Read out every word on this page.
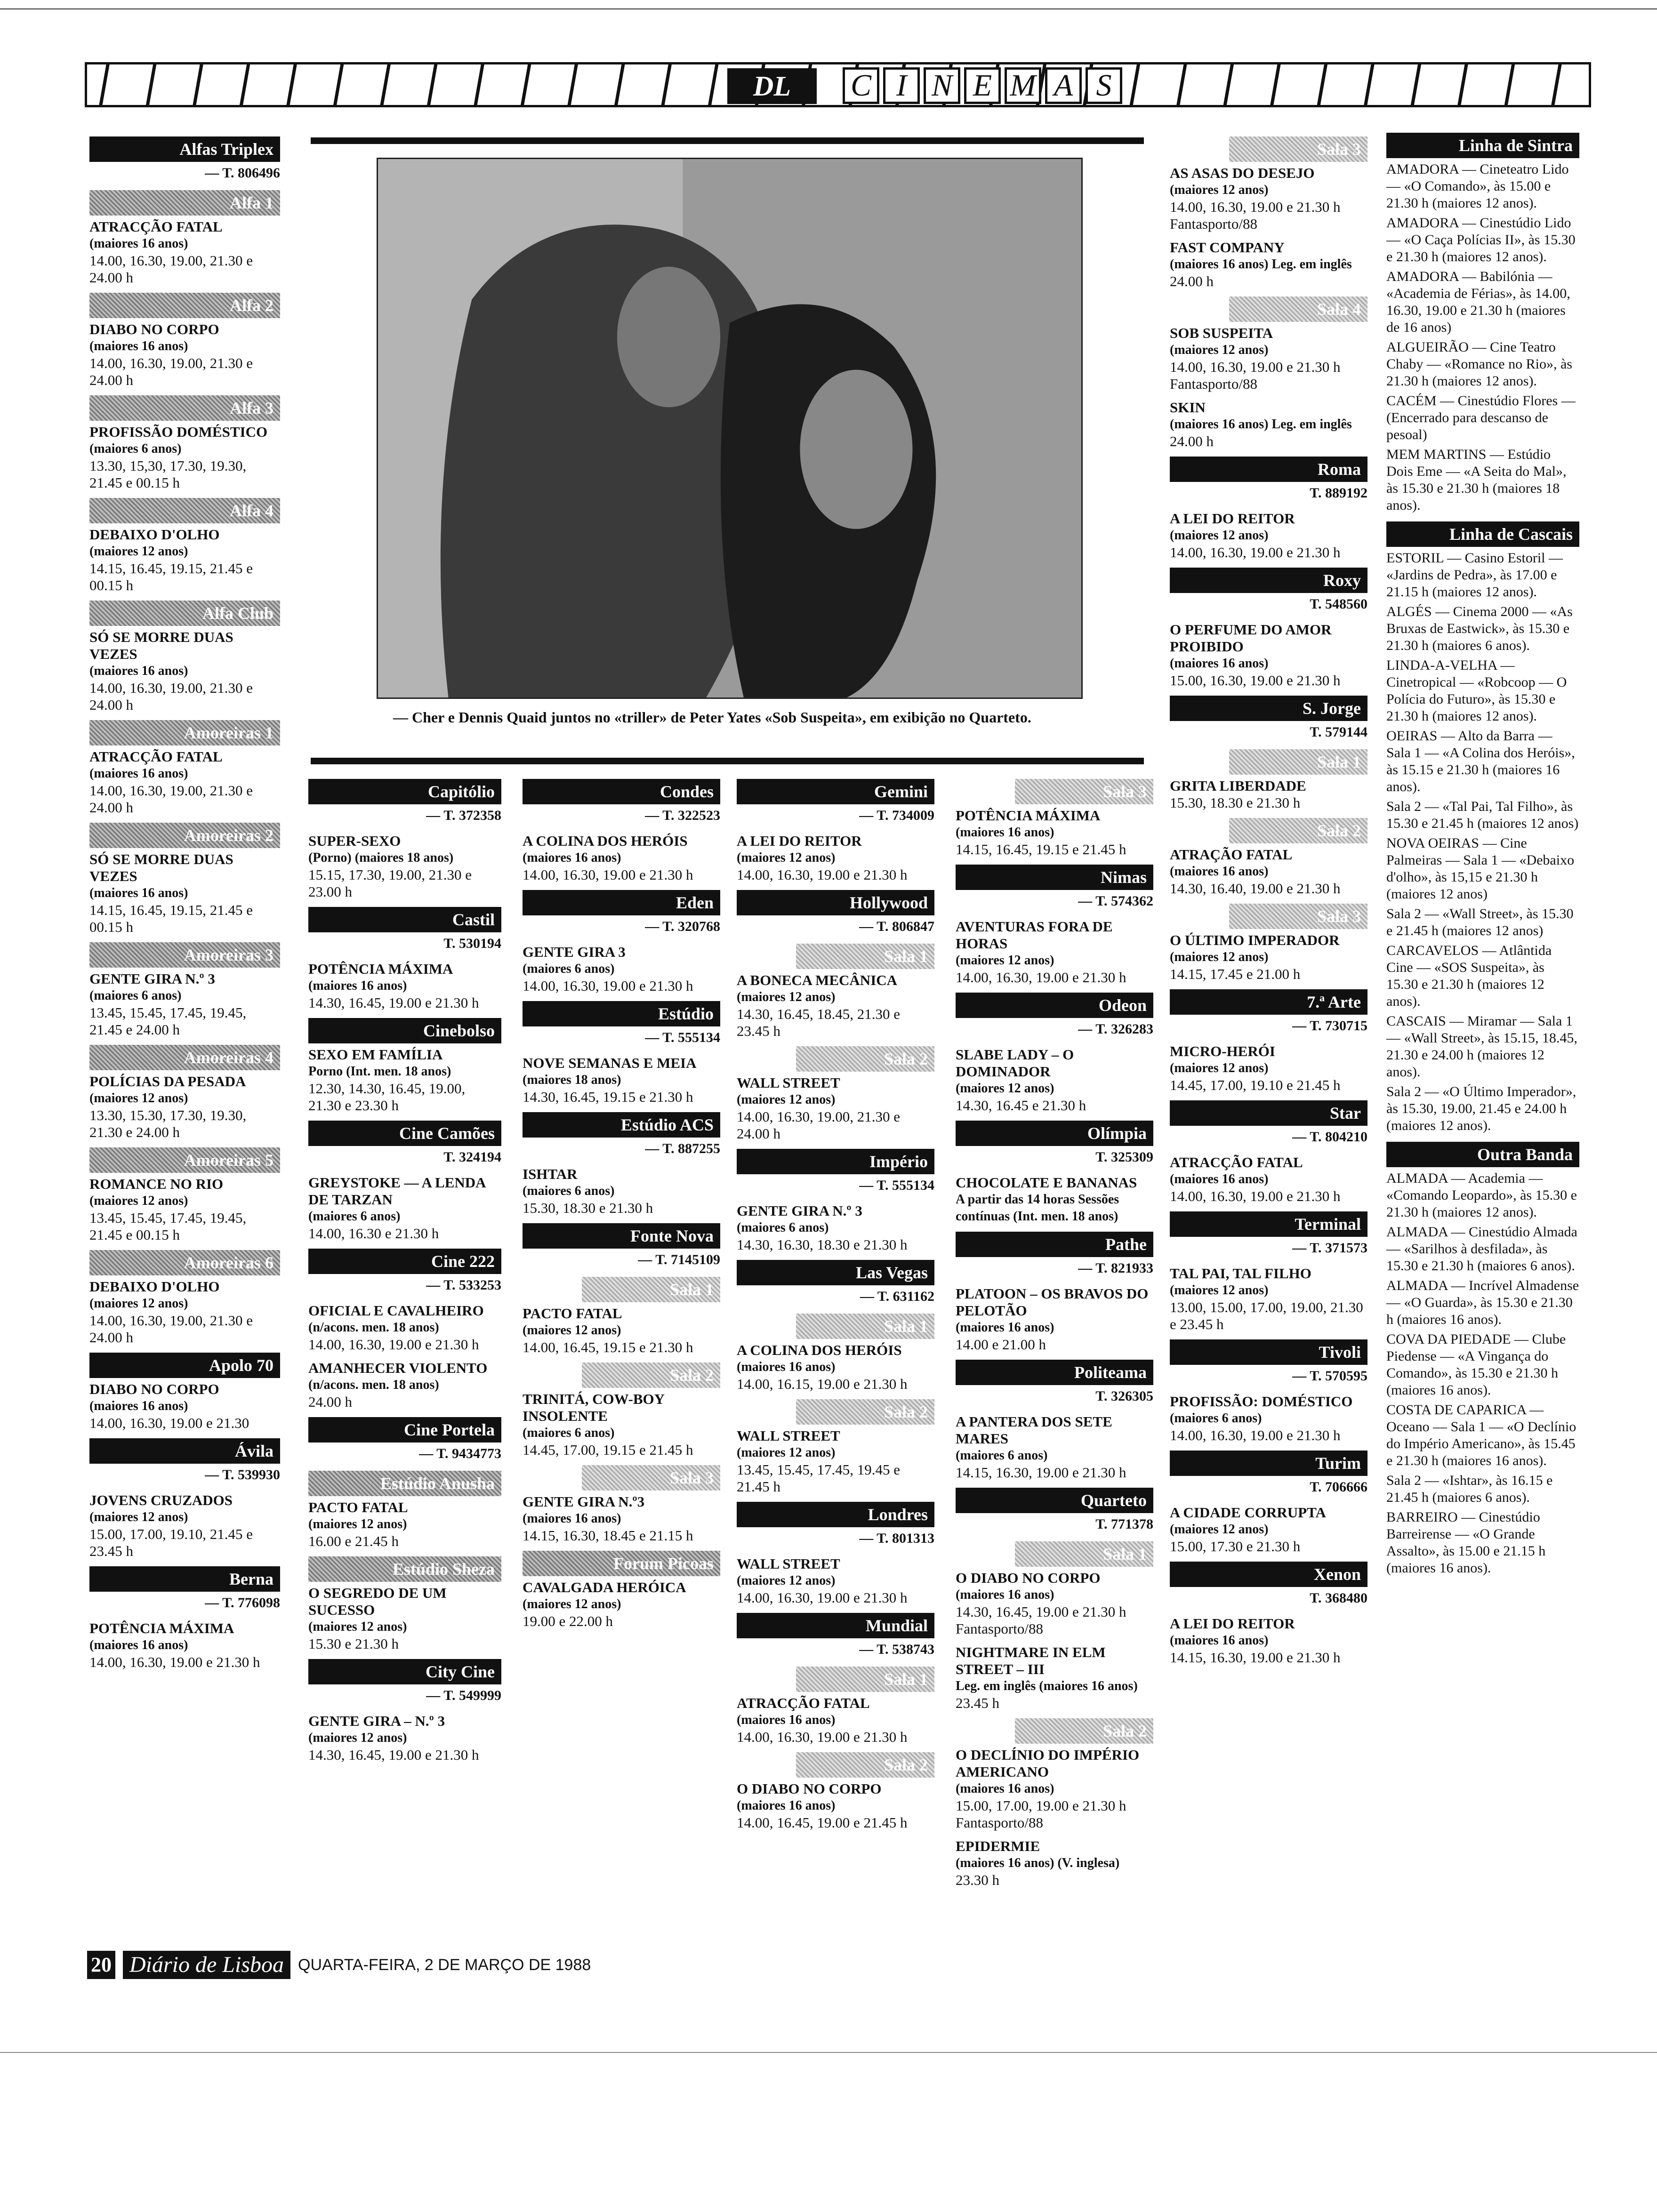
DL	C I N E M A S
Alfas Triplex
— T. 806496
Alfa 1
ATRACÇÃO FATAL
(maiores 16 anos)
14.00, 16.30, 19.00, 21.30 e 24.00 h
Alfa 2
DIABO NO CORPO
(maiores 16 anos)
14.00, 16.30, 19.00, 21.30 e 24.00 h
Alfa 3
PROFISSÃO DOMÉSTICO
(maiores 6 anos)
13.30, 15,30, 17.30, 19.30, 21.45 e 00.15 h
Alfa 4
DEBAIXO D'OLHO
(maiores 12 anos)
14.15, 16.45, 19.15, 21.45 e 00.15 h
Alfa Club
SÓ SE MORRE DUAS VEZES
(maiores 16 anos)
14.00, 16.30, 19.00, 21.30 e 24.00 h
Amoreiras 1
ATRACÇÃO FATAL
(maiores 16 anos)
14.00, 16.30, 19.00, 21.30 e 24.00 h
Amoreiras 2
SÓ SE MORRE DUAS VEZES
(maiores 16 anos)
14.15, 16.45, 19.15, 21.45 e 00.15 h
Amoreiras 3
GENTE GIRA N.º 3
(maiores 6 anos)
13.45, 15.45, 17.45, 19.45, 21.45 e 24.00 h
Amoreiras 4
POLÍCIAS DA PESADA
(maiores 12 anos)
13.30, 15.30, 17.30, 19.30, 21.30 e 24.00 h
Amoreiras 5
ROMANCE NO RIO
(maiores 12 anos)
13.45, 15.45, 17.45, 19.45, 21.45 e 00.15 h
Amoreiras 6
DEBAIXO D'OLHO
(maiores 12 anos)
14.00, 16.30, 19.00, 21.30 e 24.00 h
Apolo 70
DIABO NO CORPO
(maiores 16 anos)
14.00, 16.30, 19.00 e 21.30
Ávila
— T. 539930
JOVENS CRUZADOS
(maiores 12 anos)
15.00, 17.00, 19.10, 21.45 e 23.45 h
Berna
— T. 776098
POTÊNCIA MÁXIMA
(maiores 16 anos)
14.00, 16.30, 19.00 e 21.30 h
— Cher e Dennis Quaid juntos no «triller» de Peter Yates «Sob Suspeita», em exibição no Quarteto.
Capitólio
— T. 372358
SUPER-SEXO
(Porno) (maiores 18 anos)
15.15, 17.30, 19.00, 21.30 e 23.00 h
Castil
T. 530194
POTÊNCIA MÁXIMA
(maiores 16 anos)
14.30, 16.45, 19.00 e 21.30 h
Cinebolso
SEXO EM FAMÍLIA
Porno (Int. men. 18 anos)
12.30, 14.30, 16.45, 19.00, 21.30 e 23.30 h
Cine Camões
T. 324194
GREYSTOKE — A LENDA DE TARZAN
(maiores 6 anos)
14.00, 16.30 e 21.30 h
Cine 222
— T. 533253
OFICIAL E CAVALHEIRO
(n/acons. men. 18 anos)
14.00, 16.30, 19.00 e 21.30 h
AMANHECER VIOLENTO
(n/acons. men. 18 anos)
24.00 h
Cine Portela
— T. 9434773
Estúdio Anusha
PACTO FATAL
(maiores 12 anos)
16.00 e 21.45 h
Estúdio Sheza
O SEGREDO DE UM SUCESSO
(maiores 12 anos)
15.30 e 21.30 h
City Cine
— T. 549999
GENTE GIRA – N.º 3
(maiores 12 anos)
14.30, 16.45, 19.00 e 21.30 h
Condes
— T. 322523
A COLINA DOS HERÓIS
(maiores 16 anos)
14.00, 16.30, 19.00 e 21.30 h
Eden
— T. 320768
GENTE GIRA 3
(maiores 6 anos)
14.00, 16.30, 19.00 e 21.30 h
Estúdio
— T. 555134
NOVE SEMANAS E MEIA
(maiores 18 anos)
14.30, 16.45, 19.15 e 21.30 h
Estúdio ACS
— T. 887255
ISHTAR
(maiores 6 anos)
15.30, 18.30 e 21.30 h
Fonte Nova
— T. 7145109
Sala 1
PACTO FATAL
(maiores 12 anos)
14.00, 16.45, 19.15 e 21.30 h
Sala 2
TRINITÁ, COW-BOY INSOLENTE
(maiores 6 anos)
14.45, 17.00, 19.15 e 21.45 h
Sala 3
GENTE GIRA N.º3
(maiores 16 anos)
14.15, 16.30, 18.45 e 21.15 h
Forum Picoas
CAVALGADA HERÓICA
(maiores 12 anos)
19.00 e 22.00 h
Gemini
— T. 734009
A LEI DO REITOR
(maiores 12 anos)
14.00, 16.30, 19.00 e 21.30 h
Hollywood
— T. 806847
Sala 1
A BONECA MECÂNICA
(maiores 12 anos)
14.30, 16.45, 18.45, 21.30 e 23.45 h
Sala 2
WALL STREET
(maiores 12 anos)
14.00, 16.30, 19.00, 21.30 e 24.00 h
Império
— T. 555134
GENTE GIRA N.º 3
(maiores 6 anos)
14.30, 16.30, 18.30 e 21.30 h
Las Vegas
— T. 631162
Sala 1
A COLINA DOS HERÓIS
(maiores 16 anos)
14.00, 16.15, 19.00 e 21.30 h
Sala 2
WALL STREET
(maiores 12 anos)
13.45, 15.45, 17.45, 19.45 e 21.45 h
Londres
— T. 801313
WALL STREET
(maiores 12 anos)
14.00, 16.30, 19.00 e 21.30 h
Mundial
— T. 538743
Sala 1
ATRACÇÃO FATAL
(maiores 16 anos)
14.00, 16.30, 19.00 e 21.30 h
Sala 2
O DIABO NO CORPO
(maiores 16 anos)
14.00, 16.45, 19.00 e 21.45 h
Sala 3
POTÊNCIA MÁXIMA
(maiores 16 anos)
14.15, 16.45, 19.15 e 21.45 h
Nimas
— T. 574362
AVENTURAS FORA DE HORAS
(maiores 12 anos)
14.00, 16.30, 19.00 e 21.30 h
Odeon
— T. 326283
SLABE LADY – O DOMINADOR
(maiores 12 anos)
14.30, 16.45 e 21.30 h
Olímpia
T. 325309
CHOCOLATE E BANANAS
A partir das 14 horas Sessões contínuas (Int. men. 18 anos)
Pathe
— T. 821933
PLATOON – OS BRAVOS DO PELOTÃO
(maiores 16 anos)
14.00 e 21.00 h
Politeama
T. 326305
A PANTERA DOS SETE MARES
(maiores 6 anos)
14.15, 16.30, 19.00 e 21.30 h
Quarteto
T. 771378
Sala 1
O DIABO NO CORPO
(maiores 16 anos)
14.30, 16.45, 19.00 e 21.30 h Fantasporto/88
NIGHTMARE IN ELM STREET – III
Leg. em inglês (maiores 16 anos)
23.45 h
Sala 2
O DECLÍNIO DO IMPÉRIO AMERICANO
(maiores 16 anos)
15.00, 17.00, 19.00 e 21.30 h Fantasporto/88
EPIDERMIE
(maiores 16 anos) (V. inglesa)
23.30 h
Sala 3
AS ASAS DO DESEJO
(maiores 12 anos)
14.00, 16.30, 19.00 e 21.30 h Fantasporto/88
FAST COMPANY
(maiores 16 anos) Leg. em inglês
24.00 h
Sala 4
SOB SUSPEITA
(maiores 12 anos)
14.00, 16.30, 19.00 e 21.30 h Fantasporto/88
SKIN
(maiores 16 anos) Leg. em inglês
24.00 h
Roma
T. 889192
A LEI DO REITOR
(maiores 12 anos)
14.00, 16.30, 19.00 e 21.30 h
Roxy
T. 548560
O PERFUME DO AMOR PROIBIDO
(maiores 16 anos)
15.00, 16.30, 19.00 e 21.30 h
S. Jorge
T. 579144
Sala 1
GRITA LIBERDADE
15.30, 18.30 e 21.30 h
Sala 2
ATRAÇÃO FATAL
(maiores 16 anos)
14.30, 16.40, 19.00 e 21.30 h
Sala 3
O ÚLTIMO IMPERADOR
(maiores 12 anos)
14.15, 17.45 e 21.00 h
7.ª Arte
— T. 730715
MICRO-HERÓI
(maiores 12 anos)
14.45, 17.00, 19.10 e 21.45 h
Star
— T. 804210
ATRACÇÃO FATAL
(maiores 16 anos)
14.00, 16.30, 19.00 e 21.30 h
Terminal
— T. 371573
TAL PAI, TAL FILHO
(maiores 12 anos)
13.00, 15.00, 17.00, 19.00, 21.30 e 23.45 h
Tivoli
— T. 570595
PROFISSÃO: DOMÉSTICO
(maiores 6 anos)
14.00, 16.30, 19.00 e 21.30 h
Turim
T. 706666
A CIDADE CORRUPTA
(maiores 12 anos)
15.00, 17.30 e 21.30 h
Xenon
T. 368480
A LEI DO REITOR
(maiores 16 anos)
14.15, 16.30, 19.00 e 21.30 h
Linha de Sintra
AMADORA — Cineteatro Lido — «O Comando», às 15.00 e 21.30 h (maiores 12 anos).
AMADORA — Cinestúdio Lido — «O Caça Polícias II», às 15.30 e 21.30 h (maiores 12 anos).
AMADORA — Babilónia — «Academia de Férias», às 14.00, 16.30, 19.00 e 21.30 h (maiores de 16 anos)
ALGUEIRÃO — Cine Teatro Chaby — «Romance no Rio», às 21.30 h (maiores 12 anos).
CACÉM — Cinestúdio Flores — (Encerrado para descanso de pesoal)
MEM MARTINS — Estúdio Dois Eme — «A Seita do Mal», às 15.30 e 21.30 h (maiores 18 anos).
Linha de Cascais
ESTORIL — Casino Estoril — «Jardins de Pedra», às 17.00 e 21.15 h (maiores 12 anos).
ALGÉS — Cinema 2000 — «As Bruxas de Eastwick», às 15.30 e 21.30 h (maiores 6 anos).
LINDA-A-VELHA — Cinetropical — «Robcoop — O Polícia do Futuro», às 15.30 e 21.30 h (maiores 12 anos).
OEIRAS — Alto da Barra — Sala 1 — «A Colina dos Heróis», às 15.15 e 21.30 h (maiores 16 anos).
Sala 2 — «Tal Pai, Tal Filho», às 15.30 e 21.45 h (maiores 12 anos)
NOVA OEIRAS — Cine Palmeiras — Sala 1 — «Debaixo d'olho», às 15,15 e 21.30 h (maiores 12 anos)
Sala 2 — «Wall Street», às 15.30 e 21.45 h (maiores 12 anos)
CARCAVELOS — Atlântida Cine — «SOS Suspeita», às 15.30 e 21.30 h (maiores 12 anos).
CASCAIS — Miramar — Sala 1 — «Wall Street», às 15.15, 18.45, 21.30 e 24.00 h (maiores 12 anos).
Sala 2 — «O Último Imperador», às 15.30, 19.00, 21.45 e 24.00 h (maiores 12 anos).
Outra Banda
ALMADA — Academia — «Comando Leopardo», às 15.30 e 21.30 h (maiores 12 anos).
ALMADA — Cinestúdio Almada — «Sarilhos à desfilada», às 15.30 e 21.30 h (maiores 6 anos).
ALMADA — Incrível Almadense — «O Guarda», às 15.30 e 21.30 h (maiores 16 anos).
COVA DA PIEDADE — Clube Piedense — «A Vingança do Comando», às 15.30 e 21.30 h (maiores 16 anos).
COSTA DE CAPARICA — Oceano — Sala 1 — «O Declínio do Império Americano», às 15.45 e 21.30 h (maiores 16 anos).
Sala 2 — «Ishtar», às 16.15 e 21.45 h (maiores 6 anos).
BARREIRO — Cinestúdio Barreirense — «O Grande Assalto», às 15.00 e 21.15 h (maiores 16 anos).
20 Diário de Lisboa QUARTA-FEIRA, 2 DE MARÇO DE 1988
